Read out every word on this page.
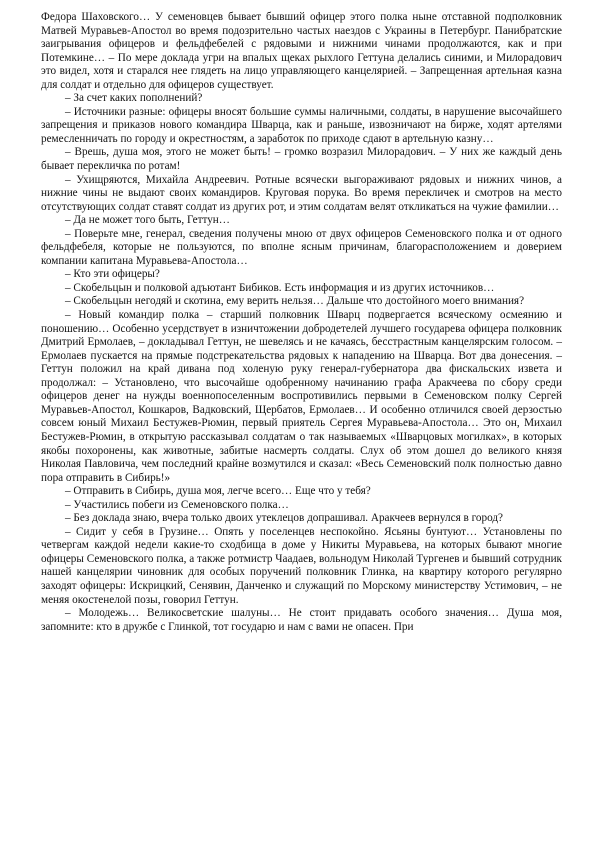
Федора Шаховского… У семеновцев бывает бывший офицер этого полка ныне отставной подполковник Матвей Муравьев-Апостол во время подозрительно частых наездов с Украины в Петербург. Панибратские заигрывания офицеров и фельдфебелей с рядовыми и нижними чинами продолжаются, как и при Потемкине… – По мере доклада угри на впалых щеках рыхлого Геттуна делались синими, и Милорадович это видел, хотя и старался нее глядеть на лицо управляющего канцелярией. – Запрещенная артельная казна для солдат и отдельно для офицеров существует.

– За счет каких пополнений?

– Источники разные: офицеры вносят большие суммы наличными, солдаты, в нарушение высочайшего запрещения и приказов нового командира Шварца, как и раньше, извозничают на бирже, ходят артелями ремесленничать по городу и окрестностям, а заработок по приходе сдают в артельную казну…

– Врешь, душа моя, этого не может быть! – громко возразил Милорадович. – У них же каждый день бывает перекличка по ротам!

– Ухищряются, Михайла Андреевич. Ротные всячески выгораживают рядовых и нижних чинов, а нижние чины не выдают своих командиров. Круговая порука. Во время перекличек и смотров на место отсутствующих солдат ставят солдат из других рот, и этим солдатам велят откликаться на чужие фамилии…

– Да не может того быть, Геттун…

– Поверьте мне, генерал, сведения получены мною от двух офицеров Семеновского полка и от одного фельдфебеля, которые не пользуются, по вполне ясным причинам, благорасположением и доверием компании капитана Муравьева-Апостола…

– Кто эти офицеры?

– Скобельцын и полковой адъютант Бибиков. Есть информация и из других источников…

– Скобельцын негодяй и скотина, ему верить нельзя… Дальше что достойного моего внимания?

– Новый командир полка – старший полковник Шварц подвергается всяческому осмеянию и поношению… Особенно усердствует в изничтожении добродетелей лучшего государева офицера полковник Дмитрий Ермолаев, – докладывал Геттун, не шевелясь и не качаясь, бесстрастным канцелярским голосом. – Ермолаев пускается на прямые подстрекательства рядовых к нападению на Шварца. Вот два донесения. – Геттун положил на край дивана под холеную руку генерал-губернатора два фискальских извета и продолжал: – Установлено, что высочайше одобренному начинанию графа Аракчеева по сбору среди офицеров денег на нужды военнопоселенным воспротивились первыми в Семеновском полку Сергей Муравьев-Апостол, Кошкаров, Вадковский, Щербатов, Ермолаев… И особенно отличился своей дерзостью совсем юный Михаил Бестужев-Рюмин, первый приятель Сергея Муравьева-Апостола… Это он, Михаил Бестужев-Рюмин, в открытую рассказывал солдатам о так называемых «Шварцовых могилках», в которых якобы похоронены, как животные, забитые насмерть солдаты. Слух об этом дошел до великого князя Николая Павловича, чем последний крайне возмутился и сказал: «Весь Семеновский полк полностью давно пора отправить в Сибирь!»

– Отправить в Сибирь, душа моя, легче всего… Еще что у тебя?

– Участились побеги из Семеновского полка…

– Без доклада знаю, вчера только двоих утеклецов допрашивал. Аракчеев вернулся в город?

– Сидит у себя в Грузине… Опять у поселенцев неспокойно. Ясьяны бунтуют… Установлены по четвергам каждой недели какие-то сходбища в доме у Никиты Муравьева, на которых бывают многие офицеры Семеновского полка, а также ротмистр Чаадаев, вольнодум Николай Тургенев и бывший сотрудник нашей канцелярии чиновник для особых поручений полковник Глинка, на квартиру которого регулярно заходят офицеры: Искрицкий, Сенявин, Данченко и служащий по Морскому министерству Устимович, – не меняя окостенелой позы, говорил Геттун.

– Молодежь… Великосветские шалуны… Не стоит придавать особого значения… Душа моя, запомните: кто в дружбе с Глинкой, тот государю и нам с вами не опасен. При
